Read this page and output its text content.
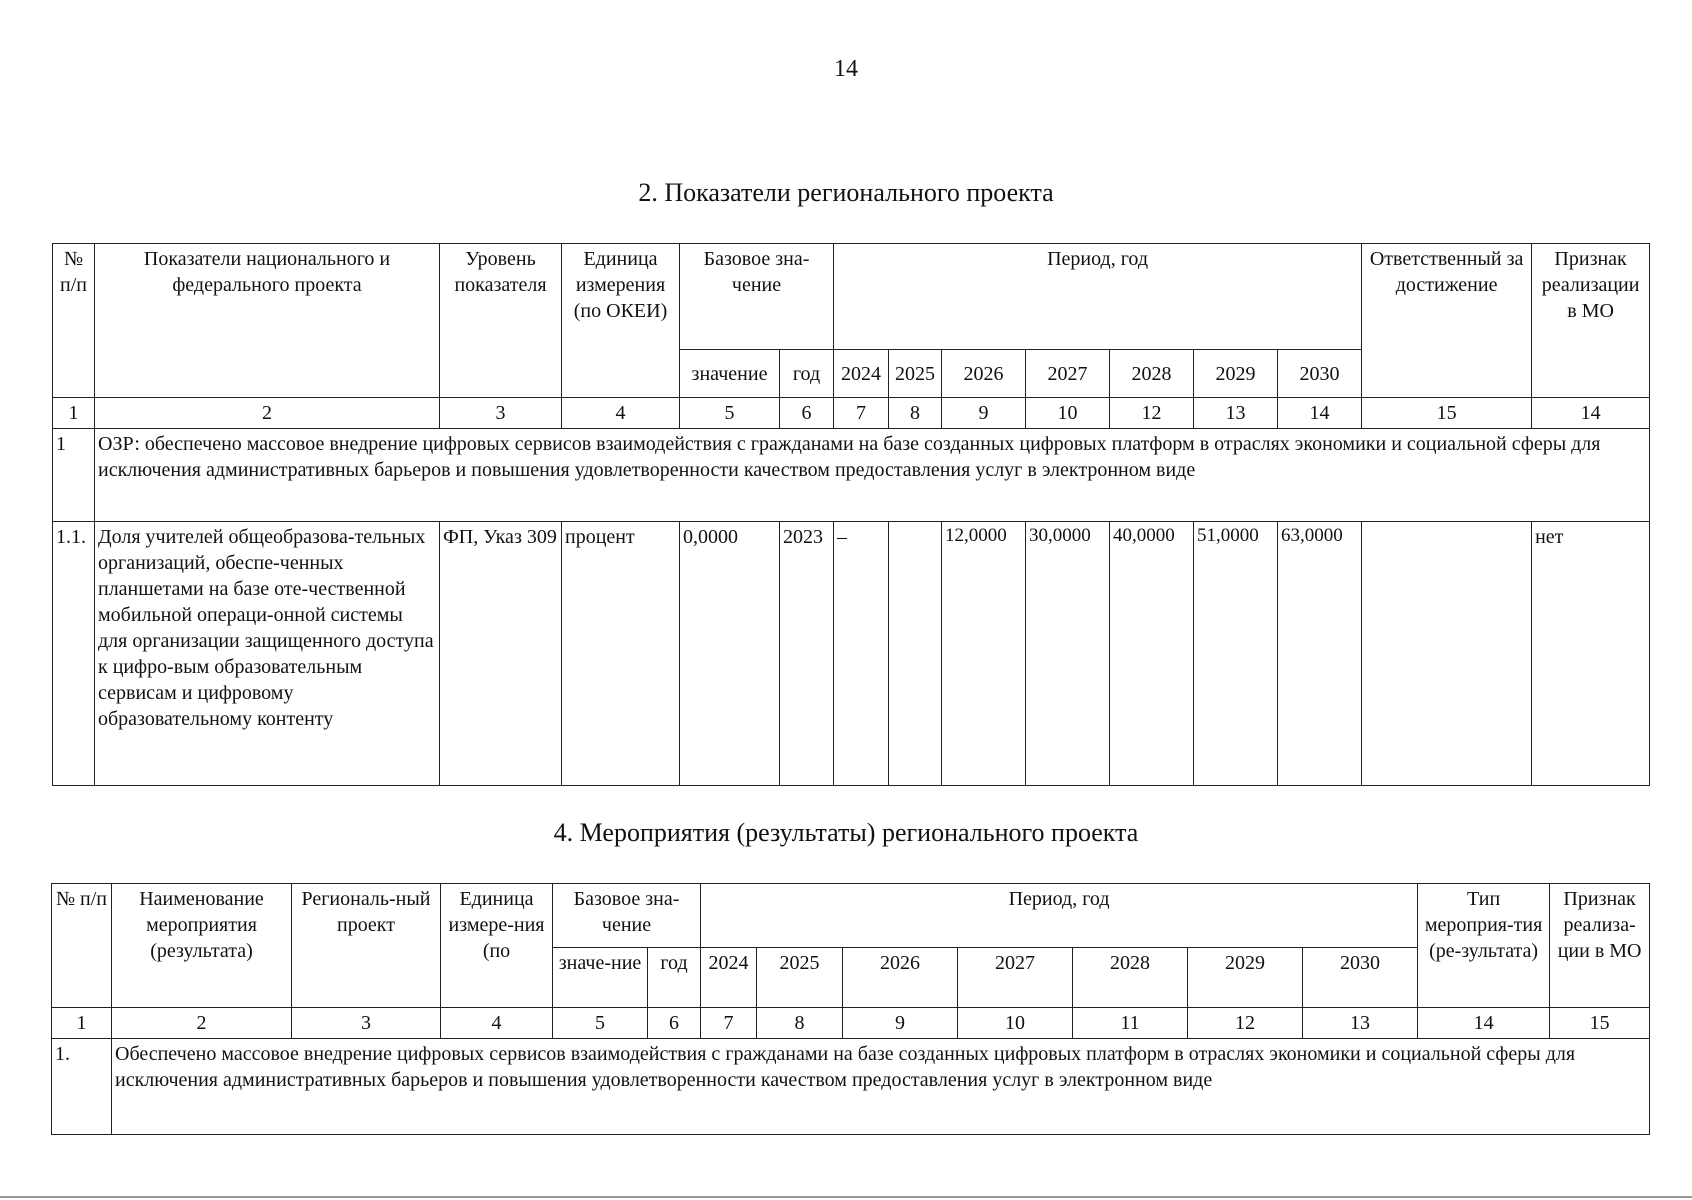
14
2. Показатели регионального проекта
№ п/п	Показатели национального и федерального проекта	Уровень показателя	Единица измерения (по ОКЕИ)	Базовое зна-чение		Период, год							Ответственный за достижение	Признак реализации в МО
				значение	год	2024	2025	2026	2027	2028	2029	2030		
1	2	3	4	5	6	7	8	9	10	12	13	14	15	14
1	ОЗР: обеспечено массовое внедрение цифровых сервисов взаимодействия с гражданами на базе созданных цифровых платформ в отраслях экономики и социальной сферы для исключения административных барьеров и повышения удовлетворенности качеством предоставления услуг в электронном виде													
1.1.	Доля учителей общеобразова-тельных организаций, обеспе-ченных планшетами на базе оте-чественной мобильной операци-онной системы для организации защищенного доступа к цифро-вым образовательным сервисам и цифровому образовательному контенту	ФП, Указ 309	процент	0,0000	2023	–		12,0000	30,0000	40,0000	51,0000	63,0000		нет
4. Мероприятия (результаты) регионального проекта
№ п/п	Наименование мероприятия (результата)	Региональ-ный проект	Единица измере-ния (по	Базовое зна-чение		Период, год							Тип мероприя-тия (ре-зультата)	Признак реализа-ции в МО
				значе-ние	год	2024	2025	2026	2027	2028	2029	2030		
1	2	3	4	5	6	7	8	9	10	11	12	13	14	15
1.	Обеспечено массовое внедрение цифровых сервисов взаимодействия с гражданами на базе созданных цифровых платформ в отраслях экономики и социальной сферы для исключения административных барьеров и повышения удовлетворенности качеством предоставления услуг в электронном виде													
